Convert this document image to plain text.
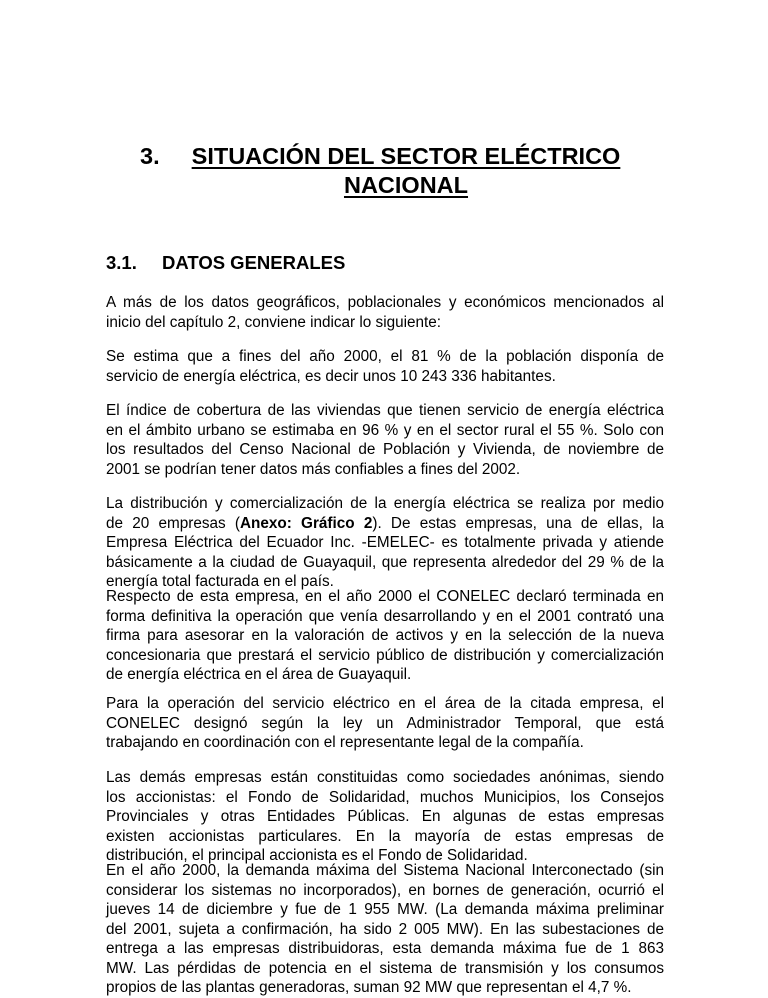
3.	SITUACIÓN DEL SECTOR ELÉCTRICO
NACIONAL
3.1. DATOS GENERALES
A más de los datos geográficos, poblacionales y económicos mencionados al
inicio del capítulo 2, conviene indicar lo siguiente:
Se estima que a fines del año 2000, el 81 % de la población disponía de
servicio de energía eléctrica, es decir unos 10 243 336 habitantes.
El índice de cobertura de las viviendas que tienen servicio de energía eléctrica
en el ámbito urbano se estimaba en 96 % y en el sector rural el 55 %. Solo con
los resultados del Censo Nacional de Población y Vivienda, de noviembre de
2001 se podrían tener datos más confiables a fines del 2002.
La distribución y comercialización de la energía eléctrica se realiza por medio
de 20 empresas (Anexo: Gráfico 2). De estas empresas, una de ellas, la
Empresa Eléctrica del Ecuador Inc. -EMELEC- es totalmente privada y atiende
básicamente a la ciudad de Guayaquil, que representa alrededor del 29 % de la
energía total facturada en el país.
Respecto de esta empresa, en el año 2000 el CONELEC declaró terminada en
forma definitiva la operación que venía desarrollando y en el 2001 contrató una
firma para asesorar en la valoración de activos y en la selección de la nueva
concesionaria que prestará el servicio público de distribución y comercialización
de energía eléctrica en el área de Guayaquil.
Para la operación del servicio eléctrico en el área de la citada empresa, el
CONELEC designó según la ley un Administrador Temporal, que está
trabajando en coordinación con el representante legal de la compañía.
Las demás empresas están constituidas como sociedades anónimas, siendo
los accionistas: el Fondo de Solidaridad, muchos Municipios, los Consejos
Provinciales y otras Entidades Públicas. En algunas de estas empresas
existen accionistas particulares. En la mayoría de estas empresas de
distribución, el principal accionista es el Fondo de Solidaridad.
En el año 2000, la demanda máxima del Sistema Nacional Interconectado (sin
considerar los sistemas no incorporados), en bornes de generación, ocurrió el
jueves 14 de diciembre y fue de 1 955 MW. (La demanda máxima preliminar
del 2001, sujeta a confirmación, ha sido 2 005 MW). En las subestaciones de
entrega a las empresas distribuidoras, esta demanda máxima fue de 1 863
MW. Las pérdidas de potencia en el sistema de transmisión y los consumos
propios de las plantas generadoras, suman 92 MW que representan el 4,7 %.
